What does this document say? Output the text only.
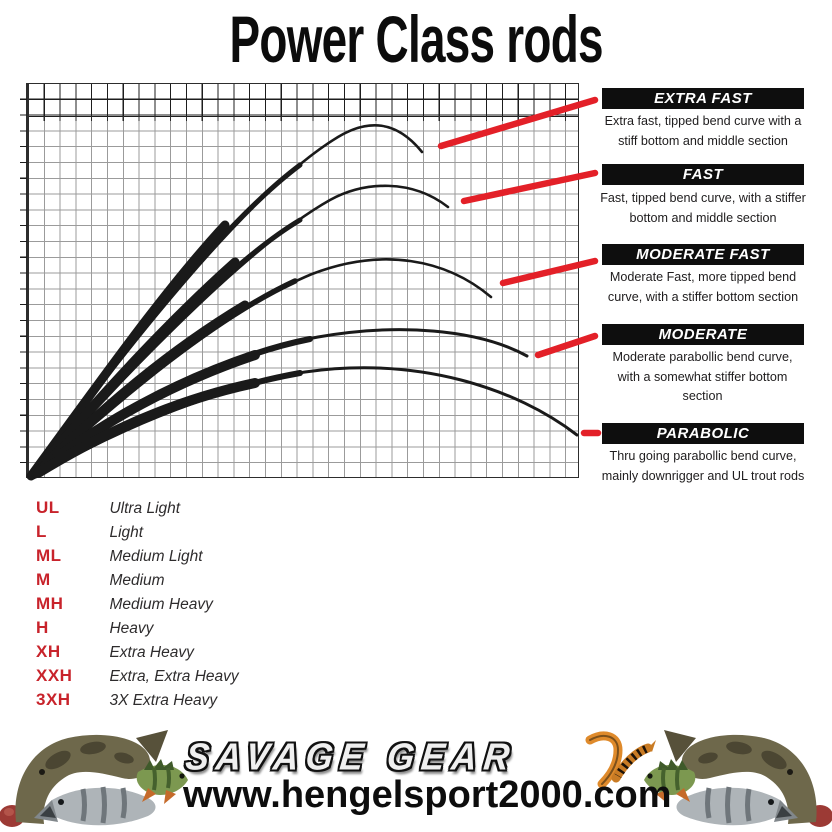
Power Class rods
EXTRA FAST
Extra fast, tipped bend curve with a stiff bottom and middle section
FAST
Fast, tipped bend curve, with a stiffer bottom and middle section
MODERATE FAST
Moderate Fast, more tipped bend curve, with a stiffer bottom section
MODERATE
Moderate parabollic bend curve, with a somewhat stiffer bottom section
PARABOLIC
Thru going parabollic bend curve, mainly downrigger and UL trout rods
UL	Ultra Light
L	Light
ML	Medium Light
M	Medium
MH	Medium Heavy
H	Heavy
XH	Extra Heavy
XXH Extra, Extra Heavy
3XH	3X Extra Heavy
SAVAGE GEAR
www.hengelsport2000.com
